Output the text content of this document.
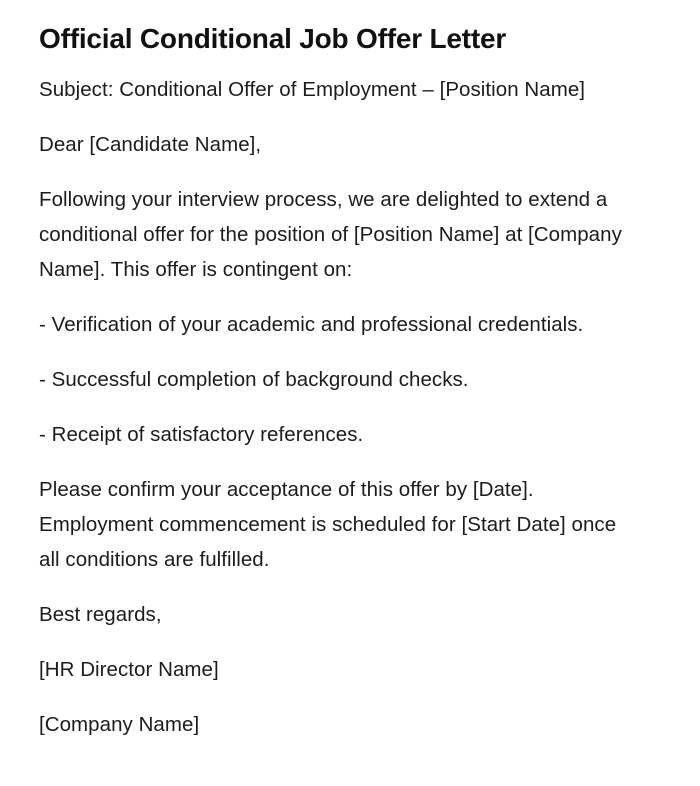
Official Conditional Job Offer Letter

Subject: Conditional Offer of Employment – [Position Name]

Dear [Candidate Name],

Following your interview process, we are delighted to extend a conditional offer for the position of [Position Name] at [Company Name]. This offer is contingent on:

- Verification of your academic and professional credentials.

- Successful completion of background checks.

- Receipt of satisfactory references.

Please confirm your acceptance of this offer by [Date]. Employment commencement is scheduled for [Start Date] once all conditions are fulfilled.

Best regards,

[HR Director Name]

[Company Name]
